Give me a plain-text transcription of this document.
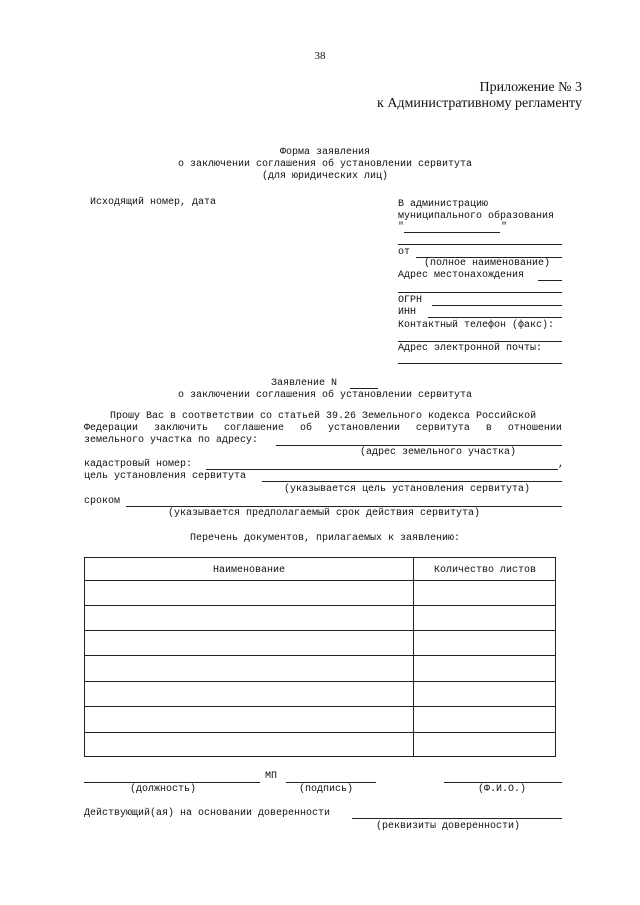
38
Приложение № 3
к Административному регламенту
Форма заявления
о заключении соглашения об установлении сервитута
(для юридических лиц)
Исходящий номер, дата	В администрацию
муниципального образования
"	"
от
(полное наименование)
Адрес местонахождения
ОГРН
ИНН
Контактный телефон (факс):
Адрес электронной почты:
Заявление N
о заключении соглашения об установлении сервитута
Прошу Вас в соответствии со статьей 39.26 Земельного кодекса Российской
Федерации заключить соглашение об установлении сервитута в отношении
земельного участка по адресу:
(адрес земельного участка)
кадастровый номер:	,
цель установления сервитута
(указывается цель установления сервитута)
сроком
(указывается предполагаемый срок действия сервитута)
Перечень документов, прилагаемых к заявлению:
Наименование	Количество листов
МП
(должность)	(подпись)	(Ф.И.О.)
Действующий(ая) на основании доверенности
(реквизиты доверенности)
